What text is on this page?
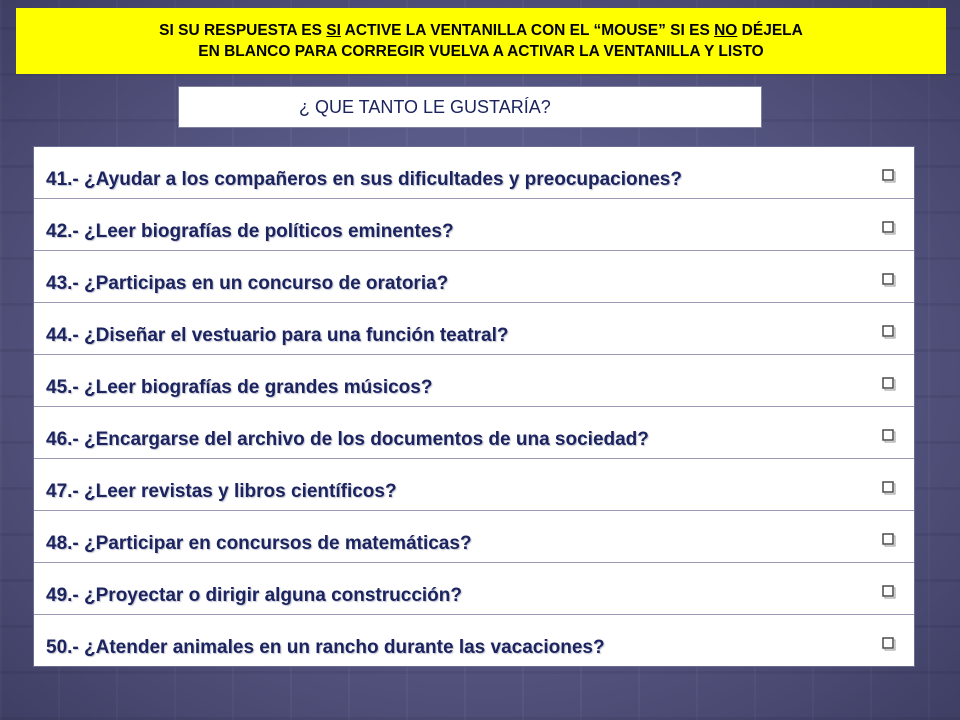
SI SU RESPUESTA ES SI ACTIVE LA VENTANILLA CON EL “MOUSE” SI ES NO DÉJELA
EN BLANCO PARA CORREGIR VUELVA A ACTIVAR LA VENTANILLA Y LISTO
¿ QUE TANTO LE GUSTARÍA?
41.- ¿Ayudar a los compañeros en sus dificultades y preocupaciones?
42.- ¿Leer biografías de políticos eminentes?
43.- ¿Participas en un concurso de oratoria?
44.- ¿Diseñar el vestuario para una función teatral?
45.- ¿Leer biografías de grandes músicos?
46.- ¿Encargarse del archivo de los documentos de una sociedad?
47.- ¿Leer revistas y libros científicos?
48.- ¿Participar en concursos de matemáticas?
49.- ¿Proyectar o dirigir alguna construcción?
50.- ¿Atender animales en un rancho durante las vacaciones?
